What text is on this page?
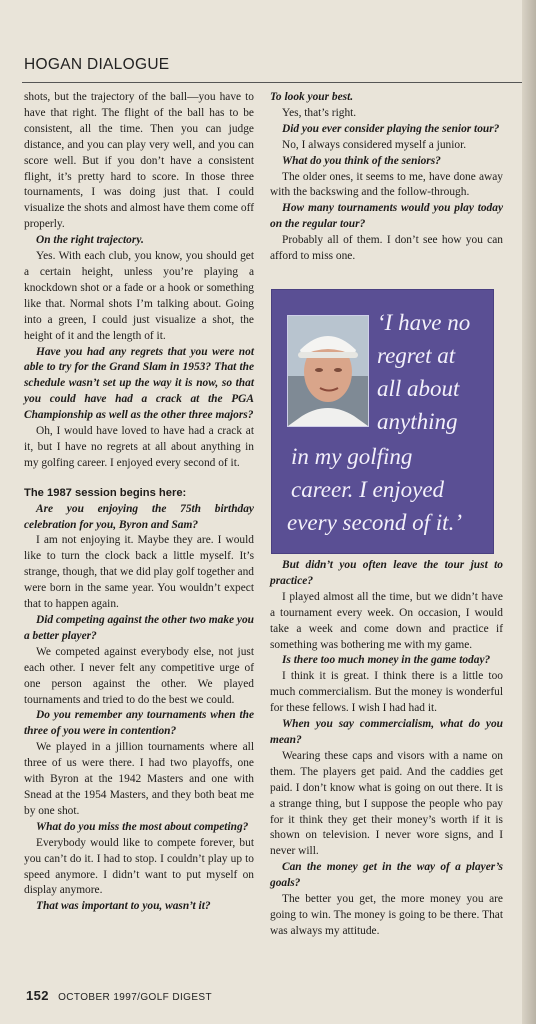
HOGAN DIALOGUE

shots, but the trajectory of the ball—you have to have that right. The flight of the ball has to be consistent, all the time. Then you can judge distance, and you can play very well, and you can score well. But if you don’t have a consistent flight, it’s pretty hard to score. In those three tournaments, I was doing just that. I could visualize the shots and almost have them come off properly.

On the right trajectory.

Yes. With each club, you know, you should get a certain height, unless you’re playing a knockdown shot or a fade or a hook or something like that. Normal shots I’m talking about. Going into a green, I could just visualize a shot, the height of it and the length of it.

Have you had any regrets that you were not able to try for the Grand Slam in 1953? That the schedule wasn’t set up the way it is now, so that you could have had a crack at the PGA Championship as well as the other three majors?

Oh, I would have loved to have had a crack at it, but I have no regrets at all about anything in my golfing career. I enjoyed every second of it.

The 1987 session begins here:

Are you enjoying the 75th birthday celebration for you, Byron and Sam?

I am not enjoying it. Maybe they are. I would like to turn the clock back a little myself. It’s strange, though, that we did play golf together and were born in the same year. You wouldn’t expect that to happen again.

Did competing against the other two make you a better player?

We competed against everybody else, not just each other. I never felt any competitive urge of one person against the other. We played tournaments and tried to do the best we could.

Do you remember any tournaments when the three of you were in contention?

We played in a jillion tournaments where all three of us were there. I had two playoffs, one with Byron at the 1942 Masters and one with Snead at the 1954 Masters, and they both beat me by one shot.

What do you miss the most about competing?

Everybody would like to compete forever, but you can’t do it. I had to stop. I couldn’t play up to speed anymore. I didn’t want to put myself on display anymore.

That was important to you, wasn’t it?

To look your best.

Yes, that’s right.

Did you ever consider playing the senior tour?

No, I always considered myself a junior.

What do you think of the seniors?

The older ones, it seems to me, have done away with the backswing and the follow-through.

How many tournaments would you play today on the regular tour?

Probably all of them. I don’t see how you can afford to miss one.

‘I have no
regret at
all about
anything
in my golfing
career. I enjoyed
every second of it.’

But didn’t you often leave the tour just to practice?

I played almost all the time, but we didn’t have a tournament every week. On occasion, I would take a week and come down and practice if something was bothering me with my game.

Is there too much money in the game today?

I think it is great. I think there is a little too much commercialism. But the money is wonderful for these fellows. I wish I had had it.

When you say commercialism, what do you mean?

Wearing these caps and visors with a name on them. The players get paid. And the caddies get paid. I don’t know what is going on out there. It is a strange thing, but I suppose the people who pay for it think they get their money’s worth if it is shown on television. I never wore signs, and I never will.

Can the money get in the way of a player’s goals?

The better you get, the more money you are going to win. The money is going to be there. That was always my attitude.

152 OCTOBER 1997/GOLF DIGEST
